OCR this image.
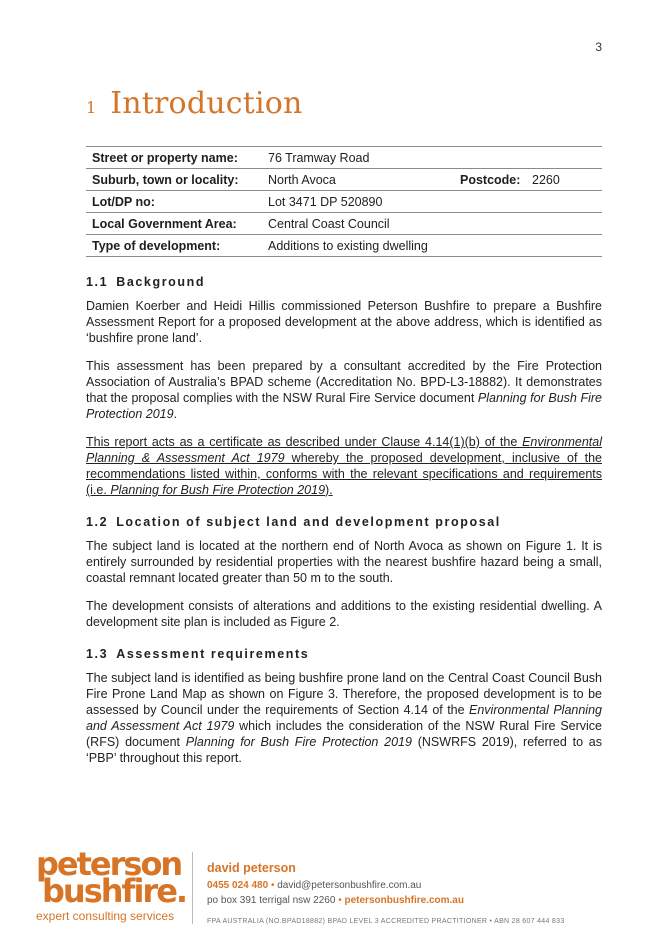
3
1 Introduction
Street or property name:	76 Tramway Road		
Suburb, town or locality:	North Avoca	Postcode:	2260
Lot/DP no:	Lot 3471 DP 520890		
Local Government Area:	Central Coast Council		
Type of development:	Additions to existing dwelling		
1.1 Background

Damien Koerber and Heidi Hillis commissioned Peterson Bushfire to prepare a Bushfire Assessment Report for a proposed development at the above address, which is identified as ‘bushfire prone land’.

This assessment has been prepared by a consultant accredited by the Fire Protection Association of Australia’s BPAD scheme (Accreditation No. BPD-L3-18882). It demonstrates that the proposal complies with the NSW Rural Fire Service document Planning for Bush Fire Protection 2019.

This report acts as a certificate as described under Clause 4.14(1)(b) of the Environmental Planning & Assessment Act 1979 whereby the proposed development, inclusive of the recommendations listed within, conforms with the relevant specifications and requirements (i.e. Planning for Bush Fire Protection 2019).

1.2 Location of subject land and development proposal

The subject land is located at the northern end of North Avoca as shown on Figure 1. It is entirely surrounded by residential properties with the nearest bushfire hazard being a small, coastal remnant located greater than 50 m to the south.

The development consists of alterations and additions to the existing residential dwelling. A development site plan is included as Figure 2.

1.3 Assessment requirements

The subject land is identified as being bushfire prone land on the Central Coast Council Bush Fire Prone Land Map as shown on Figure 3. Therefore, the proposed development is to be assessed by Council under the requirements of Section 4.14 of the Environmental Planning and Assessment Act 1979 which includes the consideration of the NSW Rural Fire Service (RFS) document Planning for Bush Fire Protection 2019 (NSWRFS 2019), referred to as ‘PBP’ throughout this report.

peterson
bushfire.
expert consulting services
david peterson
0455 024 480 • david@petersonbushfire.com.au
po box 391 terrigal nsw 2260 • petersonbushfire.com.au
FPA AUSTRALIA (NO.BPAD18882) BPAD LEVEL 3 ACCREDITED PRACTITIONER • ABN 28 607 444 833
